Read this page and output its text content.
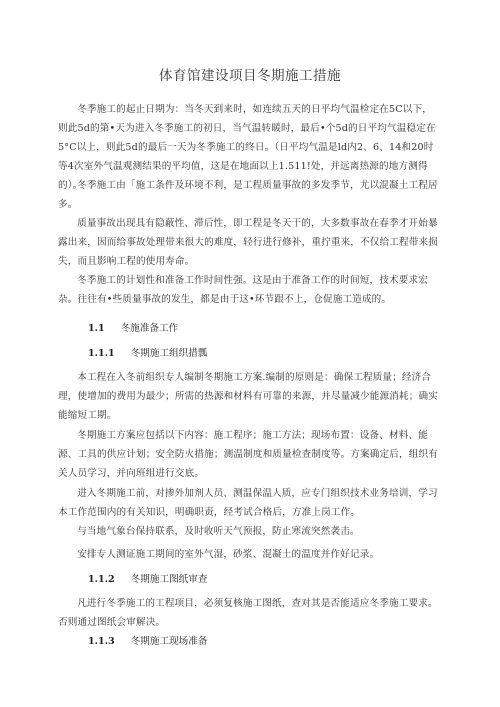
体育馆建设项目冬期施工措施

冬季施工的起止日期为：当冬天到来时，如连续五天的日平均气温检定在5C以下，则此5d的第•天为进入冬季施工的初日，当气温转暖时，最后•个5d的日平均气温稳定在5°C以上，则此5d的最后一天为冬季施工的终日。（日平均气温是ld内2、6、14和20时等4次室外气温观测结果的平均值，这是在地面以上1.511!处，并远离热源的地方测得的）。

冬季施工由「施工条件及环境不利，是工程质量事故的多发季节，尤以混凝土工程居多。

质量事故出现具有隐蔽性、滞后性，即工程是冬天干的，大多数事故在春季才开始暴露出来，因而给事故处理带来很大的难度，轻行进行修补，重拧重来，不仅给工程带来损失，而且影响工程的使用寿命。

冬季施工的计划性和准备工作时间性强。这是由于准备工作的时间短，技术要求宏杂。往往有•些质量事故的发生，都是由于这•环节跟不上，仓促施工造成的。

1.1 冬施准备工作
1.1.1 冬期施工组织措瓢

本工程在入冬前组织专人编制冬期施工方案.编制的原则是：确保工程质量；经济合理，使增加的费用为最少；所需的热源和材料有可靠的来源，并尽量减少能源消耗；确实能缩短工期。

冬期施工方案应包括以下内容：施工程序；施工方法；现场布置：设备、材料、能源、工具的供应计划；安全防火措施；测温制度和质量检查制度等。方案确定后，组织有关人员学习，并向班组进行交底。

进入冬期施工前，对掺外加剂人员、测温保温人质，应专门组织技术业务培训，学习本工作范围内的有关知识，明确职责，经考试合格后，方准上岗工作。

与当地气象台保持联系，及时收听天气预报，防止寒流突然袭击。

安排专人测证施工期间的室外气湿，砂浆、混凝土的温度并作好记录。

1.1.2 冬期施工图纸审查

凡进行冬季施工的工程项目，必须复核施工图纸，查对其是否能适应冬季施工要求。否则通过图纸会审解决。

1.1.3 冬期施工现场准备
